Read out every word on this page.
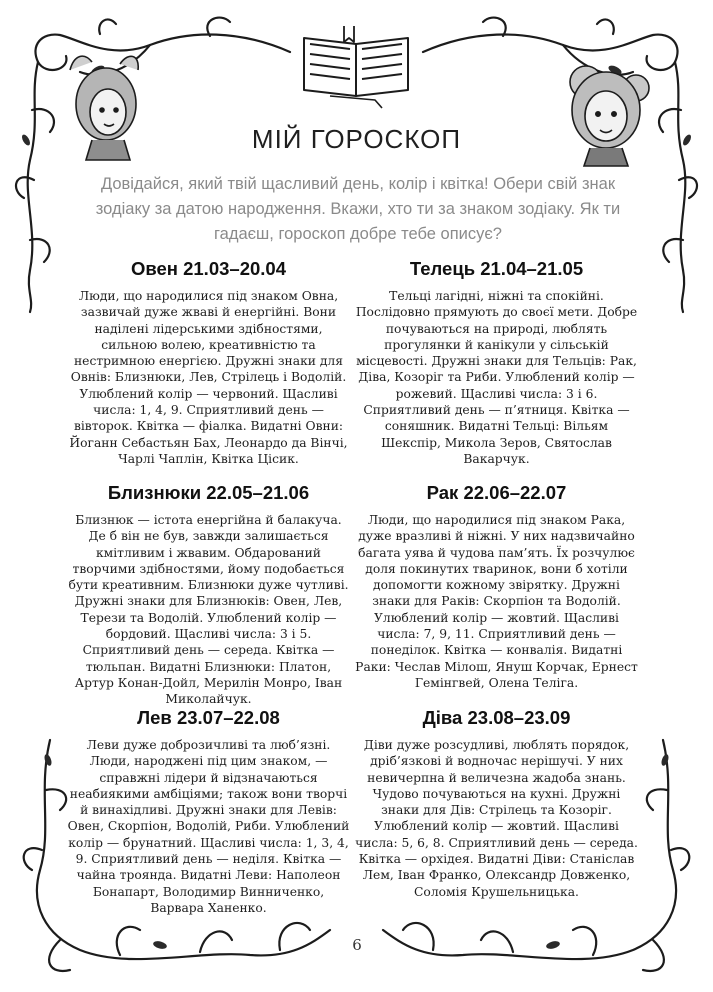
МІЙ ГОРОСКОП
Довідайся, який твій щасливий день, колір і квітка! Обери свій знак зодіаку за датою народження. Вкажи, хто ти за знаком зодіаку. Як ти гадаєш, гороскоп добре тебе описує?
Овен 21.03–20.04

Люди, що народилися під знаком Овна, зазвичай дуже жваві й енергійні. Вони наділені лідерськими здібностями, сильною волею, креативністю та нестримною енергією. Дружні знаки для Овнів: Близнюки, Лев, Стрілець і Водолій. Улюблений колір — червоний. Щасливі числа: 1, 4, 9. Сприятливий день — вівторок. Квітка — фіалка. Видатні Овни: Йоганн Себастьян Бах, Леонардо да Вінчі, Чарлі Чаплін, Квітка Цісик.

Телець 21.04–21.05

Тельці лагідні, ніжні та спокійні. Послідовно прямують до своєї мети. Добре почуваються на природі, люблять прогулянки й канікули у сільській місцевості. Дружні знаки для Тельців: Рак, Діва, Козоріг та Риби. Улюблений колір — рожевий. Щасливі числа: 3 і 6. Сприятливий день — п’ятниця. Квітка — соняшник. Видатні Тельці: Вільям Шекспір, Микола Зеров, Святослав Вакарчук.

Близнюки 22.05–21.06

Близнюк — істота енергійна й балакуча. Де б він не був, завжди залишається кмітливим і жвавим. Обдарований творчими здібностями, йому подобається бути креативним. Близнюки дуже чутливі. Дружні знаки для Близнюків: Овен, Лев, Терези та Водолій. Улюблений колір — бордовий. Щасливі числа: 3 і 5. Сприятливий день — середа. Квітка — тюльпан. Видатні Близнюки: Платон, Артур Конан-Дойл, Мерилін Монро, Іван Миколайчук.

Рак 22.06–22.07

Люди, що народилися під знаком Рака, дуже вразливі й ніжні. У них надзвичайно багата уява й чудова пам’ять. Їх розчулює доля покинутих тваринок, вони б хотіли допомогти кожному звірятку. Дружні знаки для Раків: Скорпіон та Водолій. Улюблений колір — жовтий. Щасливі числа: 7, 9, 11. Сприятливий день — понеділок. Квітка — конвалія. Видатні Раки: Чеслав Мілош, Януш Корчак, Ернест Гемінгвей, Олена Теліга.

Лев 23.07–22.08

Леви дуже доброзичливі та люб’язні. Люди, народжені під цим знаком, — справжні лідери й відзначаються неабиякими амбіціями; також вони творчі й винахідливі. Дружні знаки для Левів: Овен, Скорпіон, Водолій, Риби. Улюблений колір — брунатний. Щасливі числа: 1, 3, 4, 9. Сприятливий день — неділя. Квітка — чайна троянда. Видатні Леви: Наполеон Бонапарт, Володимир Винниченко, Варвара Ханенко.

Діва 23.08–23.09

Діви дуже розсудливі, люблять порядок, дріб’язкові й водночас нерішучі. У них невичерпна й величезна жадоба знань. Чудово почуваються на кухні. Дружні знаки для Дів: Стрілець та Козоріг. Улюблений колір — жовтий. Щасливі числа: 5, 6, 8. Сприятливий день — середа. Квітка — орхідея. Видатні Діви: Станіслав Лем, Іван Франко, Олександр Довженко, Соломія Крушельницька.

6
